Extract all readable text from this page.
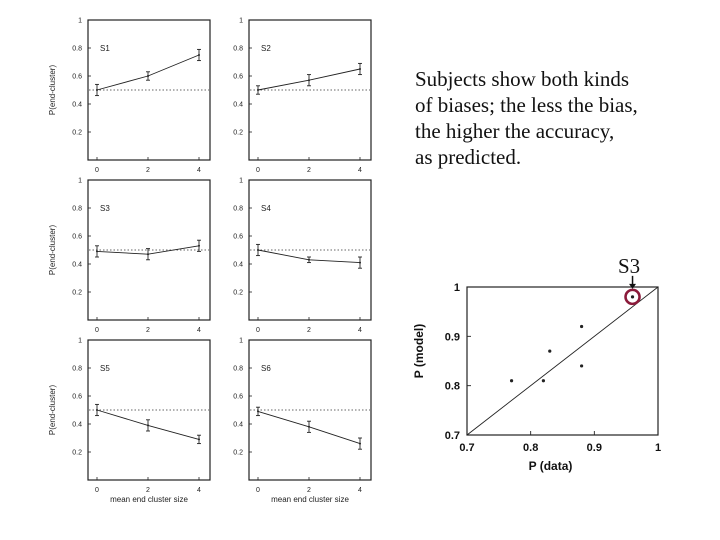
0.2
0.4
0.6
0.8
1
0	2	4
S1
P(end-cluster)
0.2
0.4
0.6
0.8
1
0	2	4
S2
0.2
0.4
0.6
0.8
1
0	2	4
S3
P(end-cluster)
0.2
0.4
0.6
0.8
1
0	2	4
S4
0.2
0.4
0.6
0.8
1
0	2	4
S5
P(end-cluster)
mean end cluster size
0.2
0.4
0.6
0.8
1
0	2	4
S6
mean end cluster size
0.7	0.8	0.9	1
0.7
0.8
0.9
1
P (data)
P (model)
Subjects show both kinds
of biases; the less the bias,
the higher the accuracy,
as predicted.
S3
